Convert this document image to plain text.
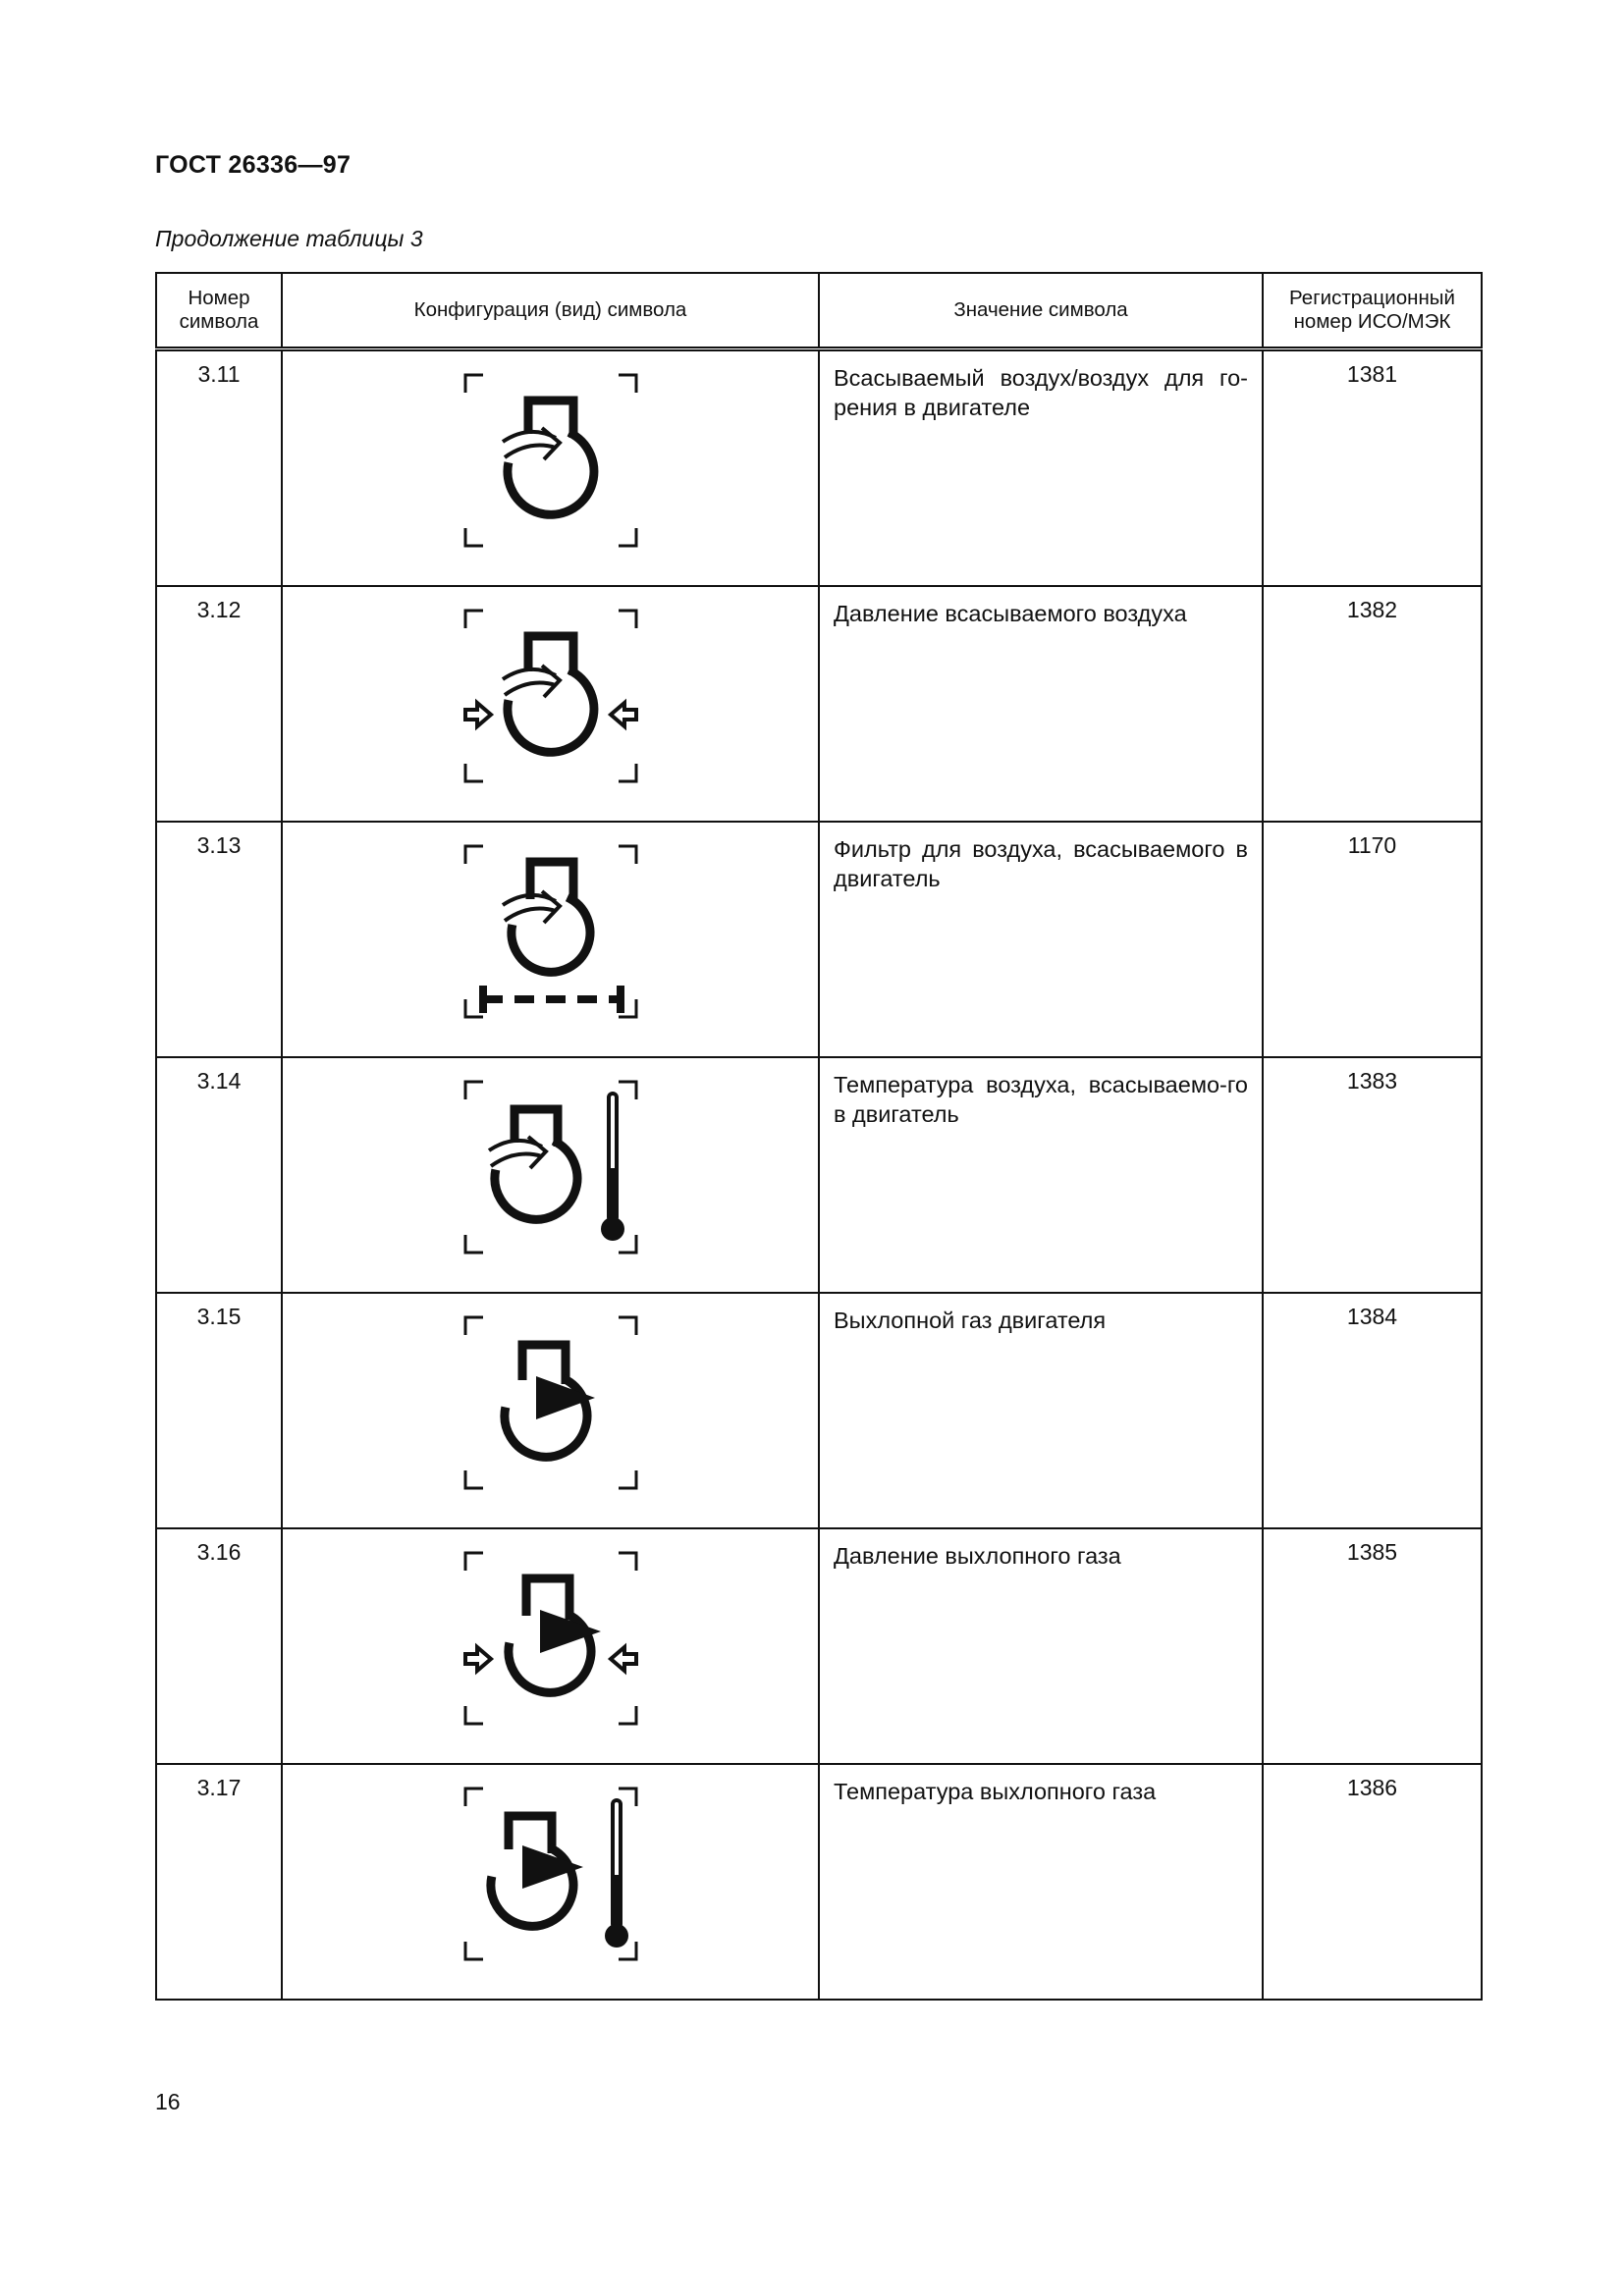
ГОСТ 26336—97
Продолжение таблицы 3
Номер символа	Конфигурация (вид) символа	Значение символа	Регистрационный номер ИСО/МЭК
3.11		Всасываемый воздух/воздух для го-рения в двигателе	1381
3.12		Давление всасываемого воздуха	1382
3.13		Фильтр для воздуха, всасываемого в двигатель	1170
3.14		Температура воздуха, всасываемо-го в двигатель	1383
3.15		Выхлопной газ двигателя	1384
3.16		Давление выхлопного газа	1385
3.17		Температура выхлопного газа	1386
16
